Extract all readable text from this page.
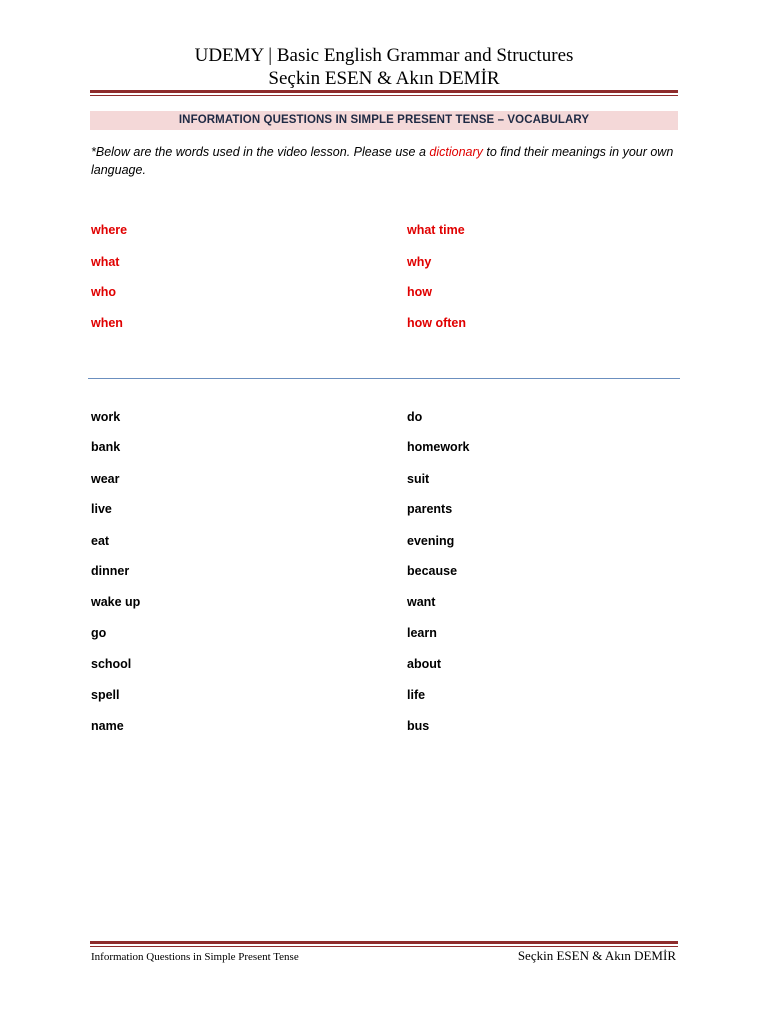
UDEMY | Basic English Grammar and Structures
Seçkin ESEN & Akın DEMİR
INFORMATION QUESTIONS IN SIMPLE PRESENT TENSE – VOCABULARY
*Below are the words used in the video lesson. Please use a dictionary to find their meanings in your own language.
where
what
who
when
what time
why
how
how often
work
bank
wear
live
eat
dinner
wake up
go
school
spell
name
do
homework
suit
parents
evening
because
want
learn
about
life
bus
Information Questions in Simple Present Tense	Seçkin ESEN & Akın DEMİR
